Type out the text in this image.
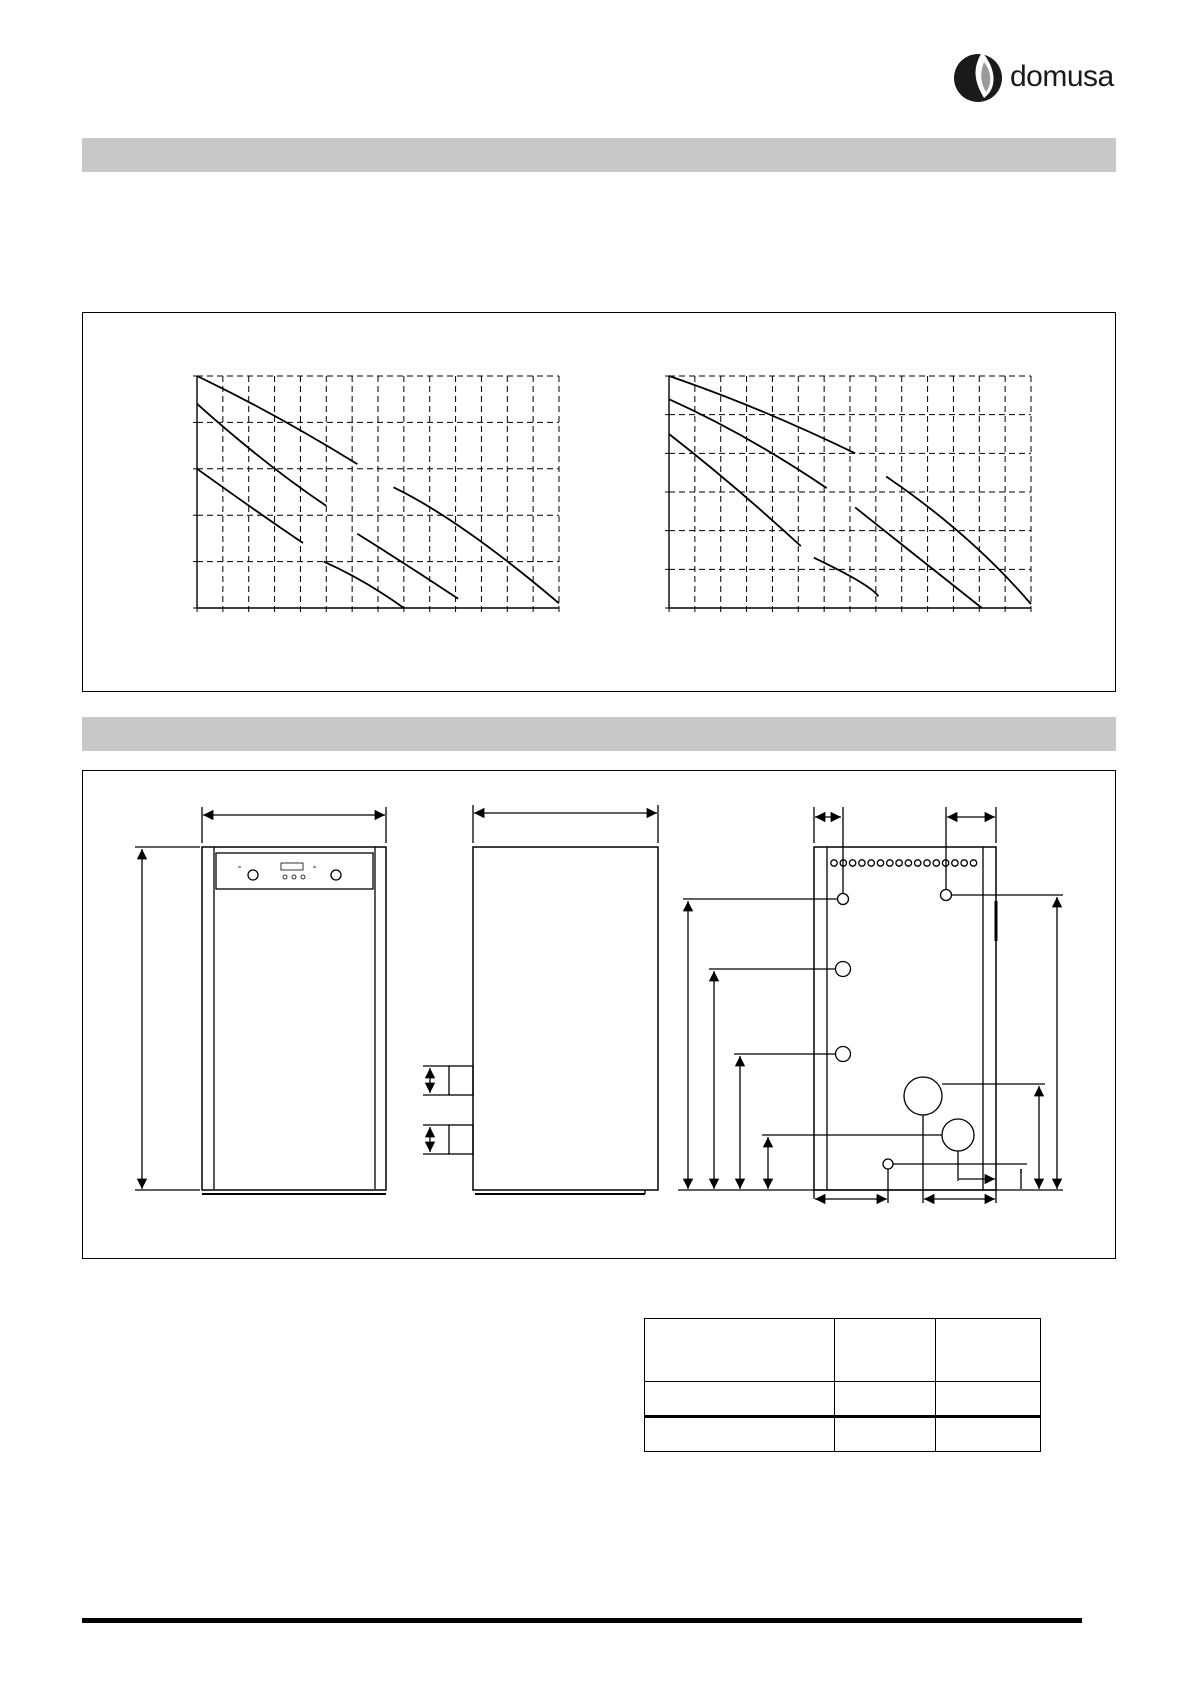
domusa
